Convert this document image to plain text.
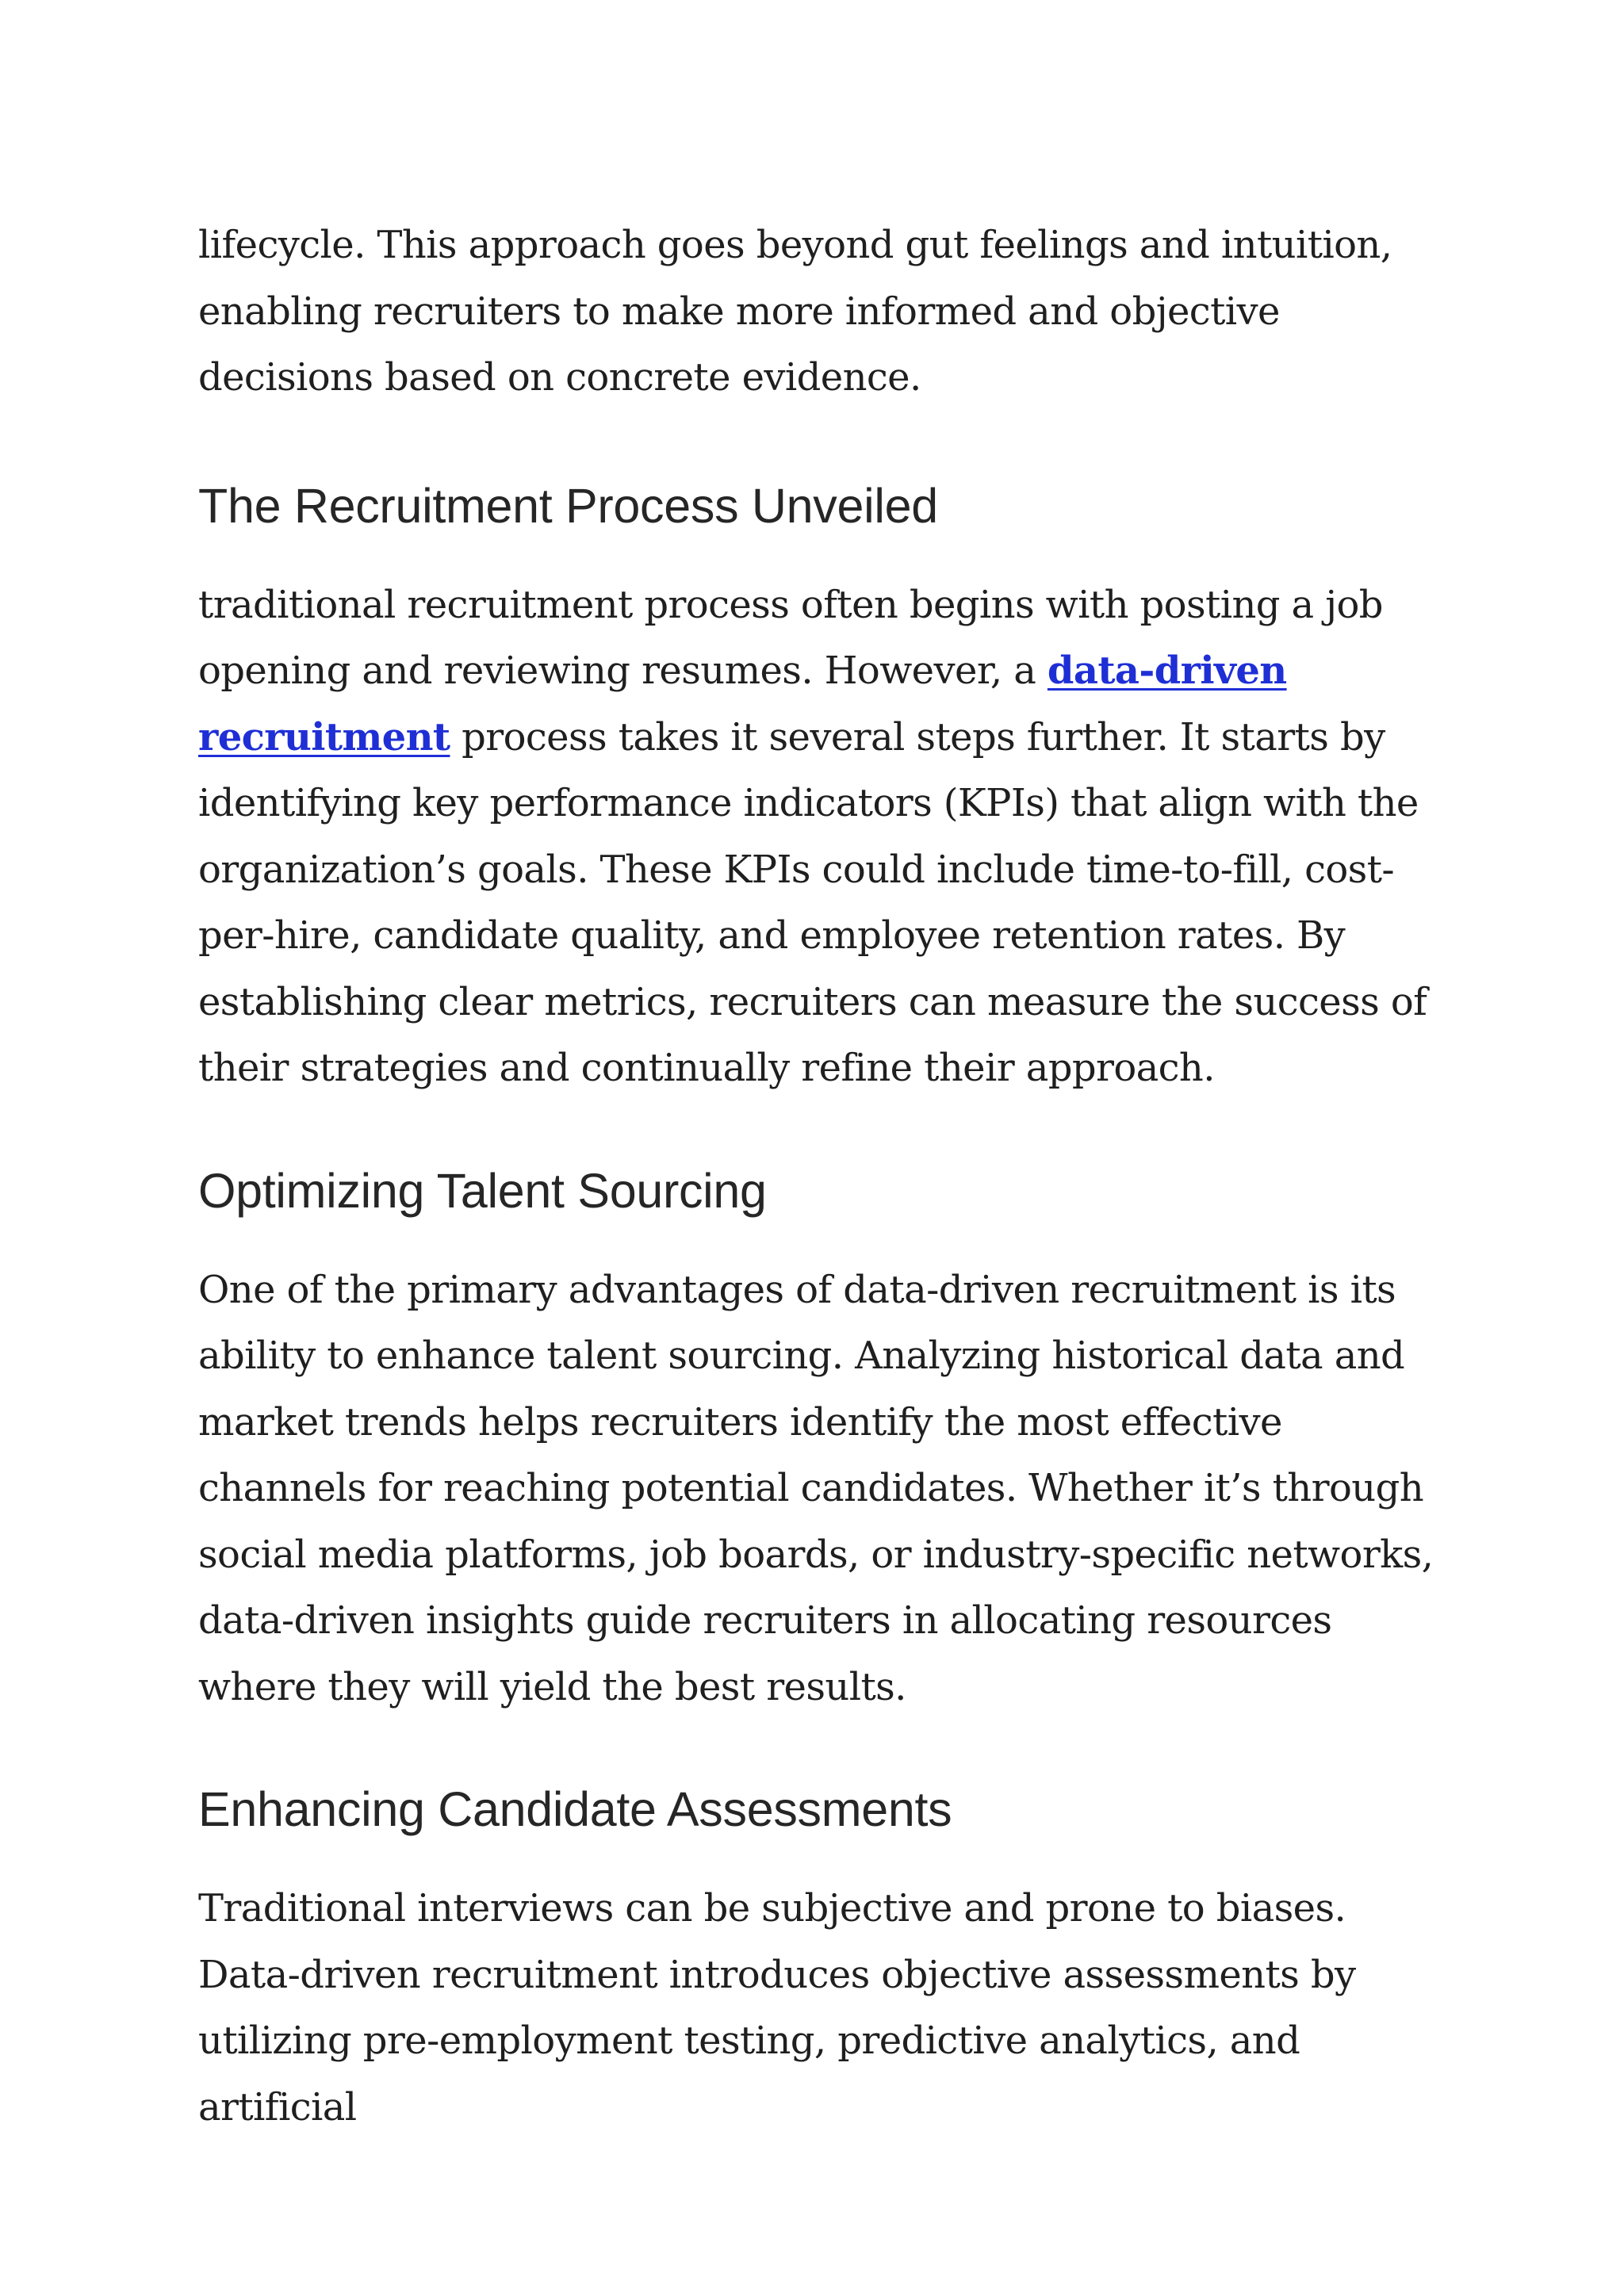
lifecycle. This approach goes beyond gut feelings and intuition, enabling recruiters to make more informed and objective decisions based on concrete evidence.

The Recruitment Process Unveiled

traditional recruitment process often begins with posting a job opening and reviewing resumes. However, a data-driven recruitment process takes it several steps further. It starts by identifying key performance indicators (KPIs) that align with the organization’s goals. These KPIs could include time-to-fill, cost-per-hire, candidate quality, and employee retention rates. By establishing clear metrics, recruiters can measure the success of their strategies and continually refine their approach.

Optimizing Talent Sourcing

One of the primary advantages of data-driven recruitment is its ability to enhance talent sourcing. Analyzing historical data and market trends helps recruiters identify the most effective channels for reaching potential candidates. Whether it’s through social media platforms, job boards, or industry-specific networks, data-driven insights guide recruiters in allocating resources where they will yield the best results.

Enhancing Candidate Assessments

Traditional interviews can be subjective and prone to biases. Data-driven recruitment introduces objective assessments by utilizing pre-employment testing, predictive analytics, and artificial
